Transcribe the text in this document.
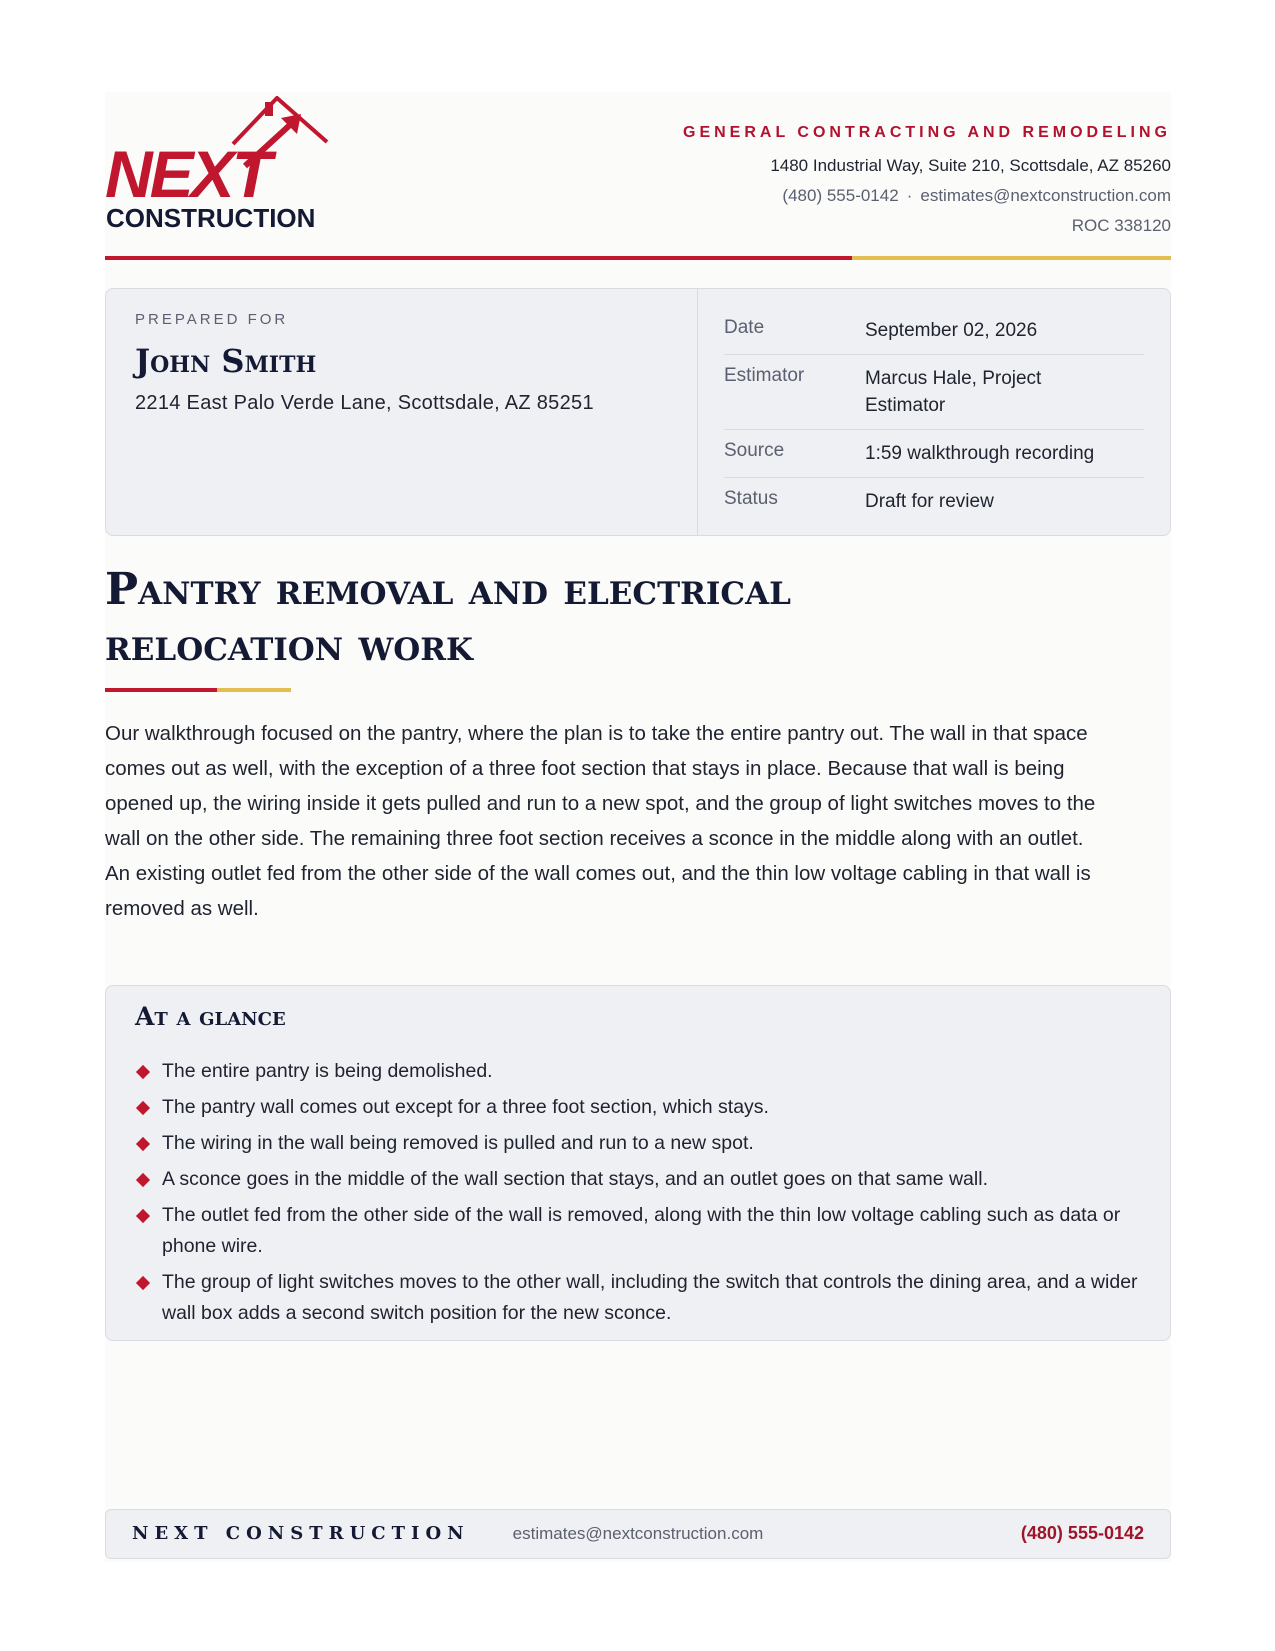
NEXT
CONSTRUCTION
GENERAL CONTRACTING AND REMODELING
1480 Industrial Way, Suite 210, Scottsdale, AZ 85260
(480) 555-0142 · estimates@nextconstruction.com
ROC 338120
PREPARED FOR
John Smith
2214 East Palo Verde Lane, Scottsdale, AZ 85251
Date	September 02, 2026
Estimator	Marcus Hale, Project Estimator
Source	1:59 walkthrough recording
Status	Draft for review
Pantry removal and electrical relocation work

Our walkthrough focused on the pantry, where the plan is to take the entire pantry out. The wall in that space comes out as well, with the exception of a three foot section that stays in place. Because that wall is being opened up, the wiring inside it gets pulled and run to a new spot, and the group of light switches moves to the wall on the other side. The remaining three foot section receives a sconce in the middle along with an outlet. An existing outlet fed from the other side of the wall comes out, and the thin low voltage cabling in that wall is removed as well.

At a glance
The entire pantry is being demolished.
The pantry wall comes out except for a three foot section, which stays.
The wiring in the wall being removed is pulled and run to a new spot.
A sconce goes in the middle of the wall section that stays, and an outlet goes on that same wall.
The outlet fed from the other side of the wall is removed, along with the thin low voltage cabling such as data or phone wire.
The group of light switches moves to the other wall, including the switch that controls the dining area, and a wider wall box adds a second switch position for the new sconce.
NEXT CONSTRUCTION	estimates@nextconstruction.com	(480) 555-0142
